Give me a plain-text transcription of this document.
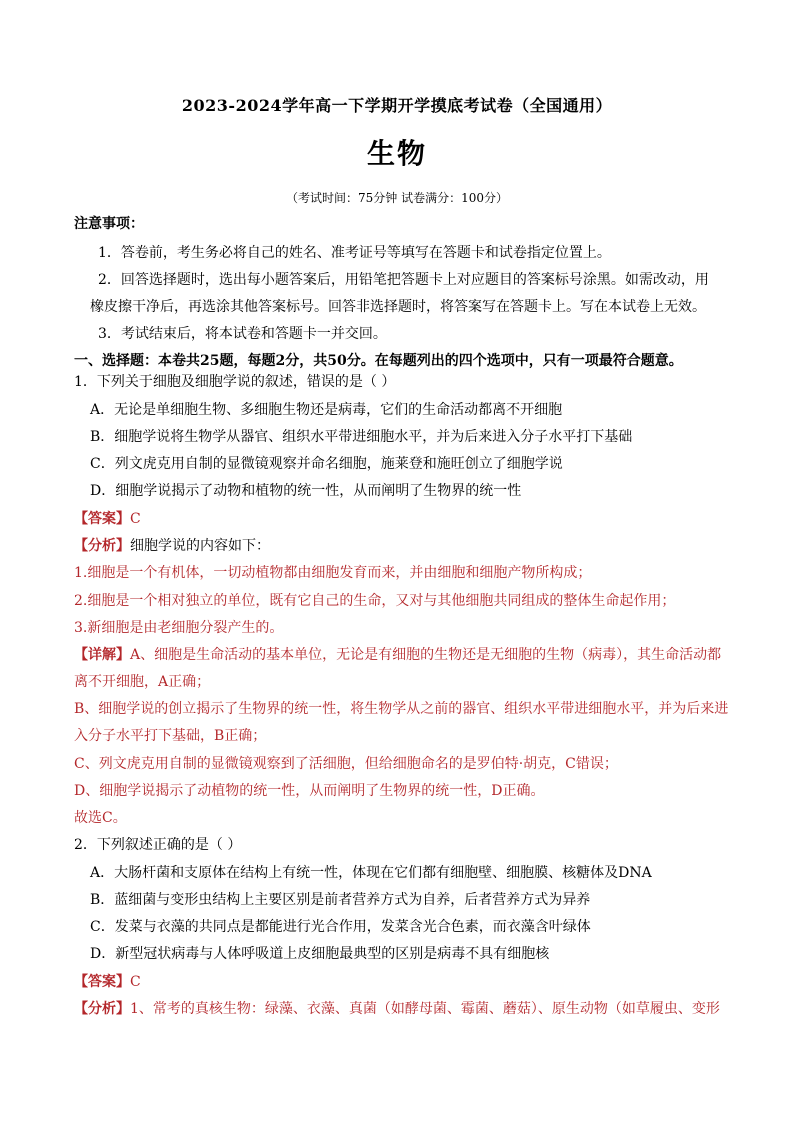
2023-2024学年高一下学期开学摸底考试卷（全国通用）
生物
（考试时间：75分钟 试卷满分：100分）
注意事项：
1．答卷前，考生务必将自己的姓名、准考证号等填写在答题卡和试卷指定位置上。
2．回答选择题时，选出每小题答案后，用铅笔把答题卡上对应题目的答案标号涂黑。如需改动，用
橡皮擦干净后，再选涂其他答案标号。回答非选择题时，将答案写在答题卡上。写在本试卷上无效。
3．考试结束后，将本试卷和答题卡一并交回。
一、选择题：本卷共25题，每题2分，共50分。在每题列出的四个选项中，只有一项最符合题意。
1．下列关于细胞及细胞学说的叙述，错误的是（ ）
A．无论是单细胞生物、多细胞生物还是病毒，它们的生命活动都离不开细胞
B．细胞学说将生物学从器官、组织水平带进细胞水平，并为后来进入分子水平打下基础
C．列文虎克用自制的显微镜观察并命名细胞，施莱登和施旺创立了细胞学说
D．细胞学说揭示了动物和植物的统一性，从而阐明了生物界的统一性
【答案】C
【分析】细胞学说的内容如下：
1.细胞是一个有机体，一切动植物都由细胞发育而来，并由细胞和细胞产物所构成；
2.细胞是一个相对独立的单位，既有它自己的生命，又对与其他细胞共同组成的整体生命起作用；
3.新细胞是由老细胞分裂产生的。
【详解】A、细胞是生命活动的基本单位，无论是有细胞的生物还是无细胞的生物（病毒），其生命活动都
离不开细胞，A正确；
B、细胞学说的创立揭示了生物界的统一性，将生物学从之前的器官、组织水平带进细胞水平，并为后来进
入分子水平打下基础，B正确；
C、列文虎克用自制的显微镜观察到了活细胞，但给细胞命名的是罗伯特·胡克，C错误；
D、细胞学说揭示了动植物的统一性，从而阐明了生物界的统一性，D正确。
故选C。
2．下列叙述正确的是（ ）
A．大肠杆菌和支原体在结构上有统一性，体现在它们都有细胞壁、细胞膜、核糖体及DNA
B．蓝细菌与变形虫结构上主要区别是前者营养方式为自养，后者营养方式为异养
C．发菜与衣藻的共同点是都能进行光合作用，发菜含光合色素，而衣藻含叶绿体
D．新型冠状病毒与人体呼吸道上皮细胞最典型的区别是病毒不具有细胞核
【答案】C
【分析】1、常考的真核生物：绿藻、衣藻、真菌（如酵母菌、霉菌、蘑菇）、原生动物（如草履虫、变形
